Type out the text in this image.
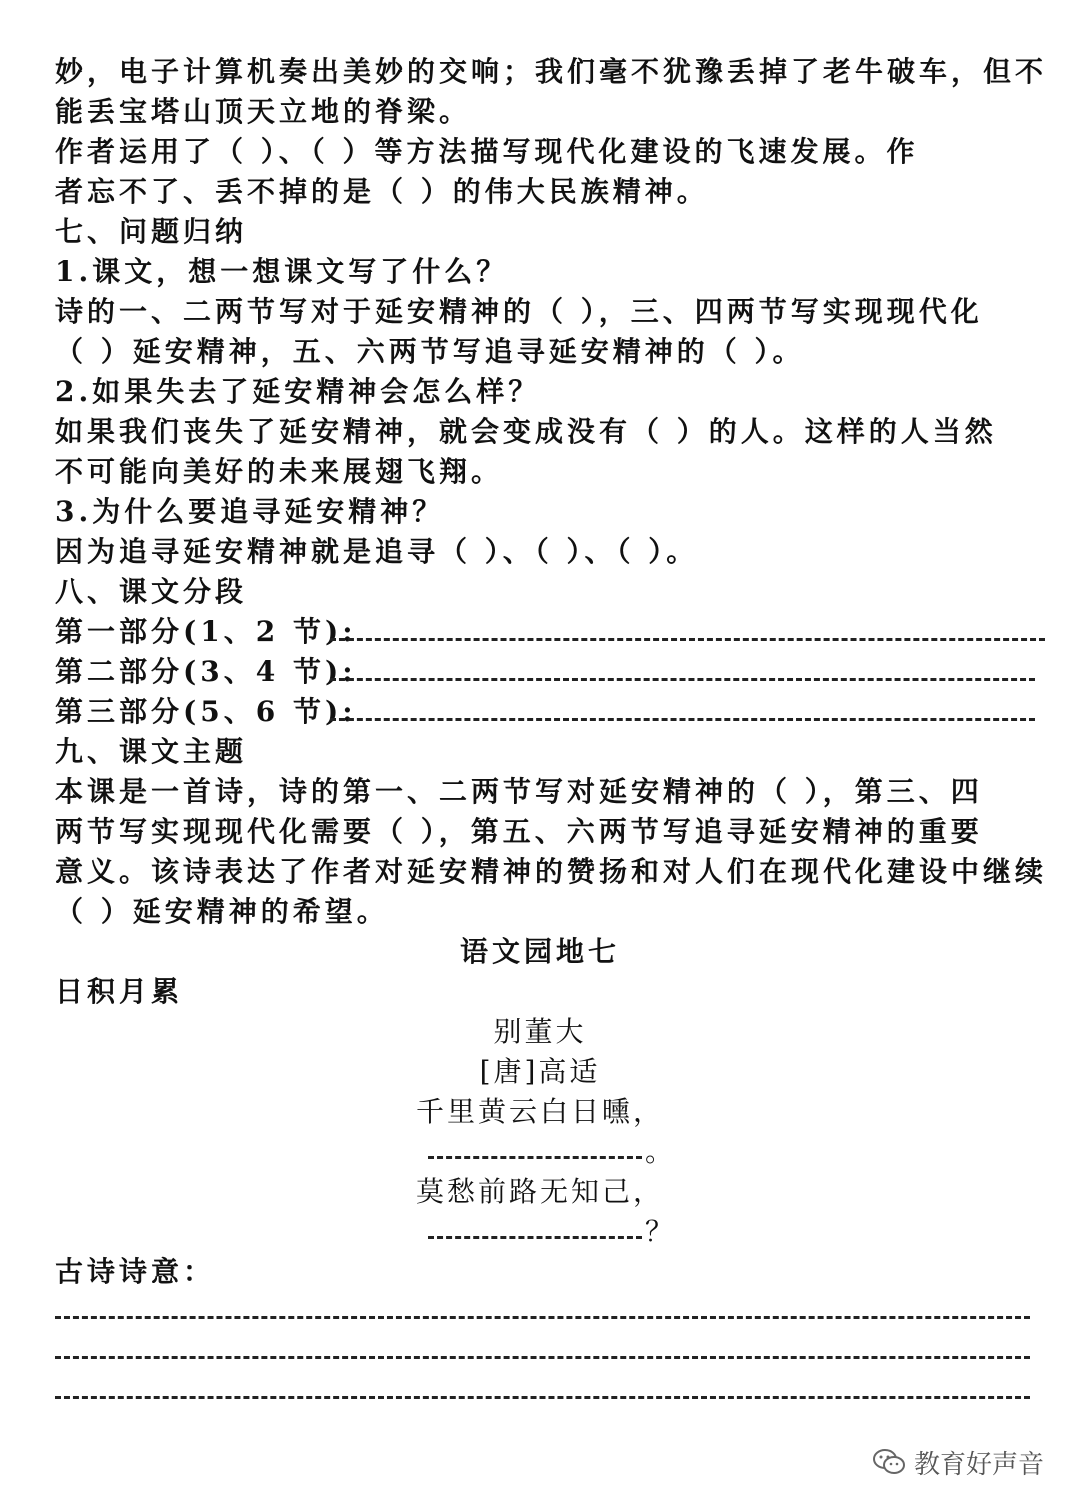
妙，电子计算机奏出美妙的交响；我们毫不犹豫丢掉了老牛破车，但不
能丢宝塔山顶天立地的脊梁。
作者运用了（ ）、（ ）等方法描写现代化建设的飞速发展。作
者忘不了、丢不掉的是（ ）的伟大民族精神。
七、问题归纳
1.课文，想一想课文写了什么？
诗的一、二两节写对于延安精神的（ ），三、四两节写实现现代化
（ ）延安精神，五、六两节写追寻延安精神的（ ）。
2.如果失去了延安精神会怎么样？
如果我们丧失了延安精神，就会变成没有（ ）的人。这样的人当然
不可能向美好的未来展翅飞翔。
3.为什么要追寻延安精神？
因为追寻延安精神就是追寻（ ）、（ ）、（ ）。
八、课文分段
第一部分(1、2 节):
第二部分(3、4 节):
第三部分(5、6 节):
九、课文主题
本课是一首诗，诗的第一、二两节写对延安精神的（ ），第三、四
两节写实现现代化需要（ ），第五、六两节写追寻延安精神的重要
意义。该诗表达了作者对延安精神的赞扬和对人们在现代化建设中继续
（ ）延安精神的希望。
语文园地七
日积月累
别董大
[唐]高适
千里黄云白日曛，
。
莫愁前路无知己，
？
古诗诗意：
教育好声音
